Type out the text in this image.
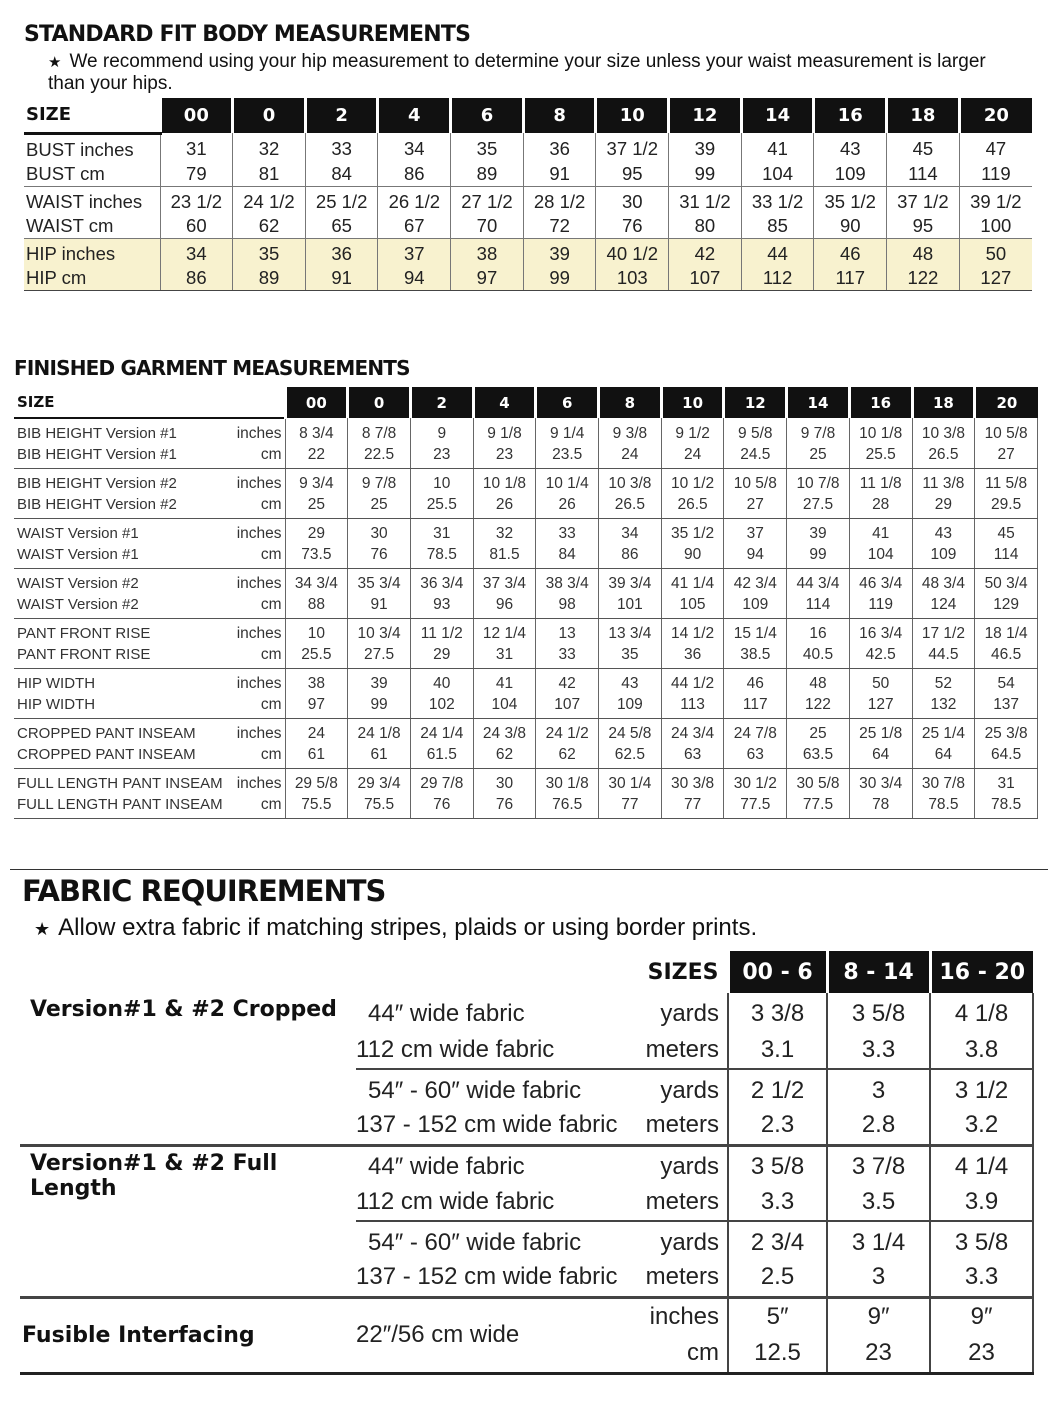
STANDARD FIT BODY MEASUREMENTS
★ We recommend using your hip measurement to determine your size unless your waist measurement is larger than your hips.
SIZE	00	0	2	4	6	8	10	12	14	16	18	20
BUST inches	31	32	33	34	35	36	37 1/2	39	41	43	45	47
BUST cm	79	81	84	86	89	91	95	99	104	109	114	119
WAIST inches	23 1/2	24 1/2	25 1/2	26 1/2	27 1/2	28 1/2	30	31 1/2	33 1/2	35 1/2	37 1/2	39 1/2
WAIST cm	60	62	65	67	70	72	76	80	85	90	95	100
HIP inches	34	35	36	37	38	39	40 1/2	42	44	46	48	50
HIP cm	86	89	91	94	97	99	103	107	112	117	122	127
FINISHED GARMENT MEASUREMENTS
SIZE		00	0	2	4	6	8	10	12	14	16	18	20
BIB HEIGHT Version #1	inches	8 3/4	8 7/8	9	9 1/8	9 1/4	9 3/8	9 1/2	9 5/8	9 7/8	10 1/8	10 3/8	10 5/8
BIB HEIGHT Version #1	cm	22	22.5	23	23	23.5	24	24	24.5	25	25.5	26.5	27
BIB HEIGHT Version #2	inches	9 3/4	9 7/8	10	10 1/8	10 1/4	10 3/8	10 1/2	10 5/8	10 7/8	11 1/8	11 3/8	11 5/8
BIB HEIGHT Version #2	cm	25	25	25.5	26	26	26.5	26.5	27	27.5	28	29	29.5
WAIST Version #1	inches	29	30	31	32	33	34	35 1/2	37	39	41	43	45
WAIST Version #1	cm	73.5	76	78.5	81.5	84	86	90	94	99	104	109	114
WAIST Version #2	inches	34 3/4	35 3/4	36 3/4	37 3/4	38 3/4	39 3/4	41 1/4	42 3/4	44 3/4	46 3/4	48 3/4	50 3/4
WAIST Version #2	cm	88	91	93	96	98	101	105	109	114	119	124	129
PANT FRONT RISE	inches	10	10 3/4	11 1/2	12 1/4	13	13 3/4	14 1/2	15 1/4	16	16 3/4	17 1/2	18 1/4
PANT FRONT RISE	cm	25.5	27.5	29	31	33	35	36	38.5	40.5	42.5	44.5	46.5
HIP WIDTH	inches	38	39	40	41	42	43	44 1/2	46	48	50	52	54
HIP WIDTH	cm	97	99	102	104	107	109	113	117	122	127	132	137
CROPPED PANT INSEAM	inches	24	24 1/8	24 1/4	24 3/8	24 1/2	24 5/8	24 3/4	24 7/8	25	25 1/8	25 1/4	25 3/8
CROPPED PANT INSEAM	cm	61	61	61.5	62	62	62.5	63	63	63.5	64	64	64.5
FULL LENGTH PANT INSEAM	inches	29 5/8	29 3/4	29 7/8	30	30 1/8	30 1/4	30 3/8	30 1/2	30 5/8	30 3/4	30 7/8	31
FULL LENGTH PANT INSEAM	cm	75.5	75.5	76	76	76.5	77	77	77.5	77.5	78	78.5	78.5
FABRIC REQUIREMENTS
★ Allow extra fabric if matching stripes, plaids or using border prints.
SIZES			00 - 6	8 - 14	16 - 20
Version#1 & #2 Cropped	44″ wide fabric	yards	3 3/8	3 5/8	4 1/8
	112 cm wide fabric	meters	3.1	3.3	3.8
	54″ - 60″ wide fabric	yards	2 1/2	3	3 1/2
	137 - 152 cm wide fabric	meters	2.3	2.8	3.2
Version#1 & #2 Full Length	44″ wide fabric	yards	3 5/8	3 7/8	4 1/4
	112 cm wide fabric	meters	3.3	3.5	3.9
	54″ - 60″ wide fabric	yards	2 3/4	3 1/4	3 5/8
	137 - 152 cm wide fabric	meters	2.5	3	3.3
Fusible Interfacing	22″/56 cm wide	inches	5″	9″	9″
		cm	12.5	23	23
